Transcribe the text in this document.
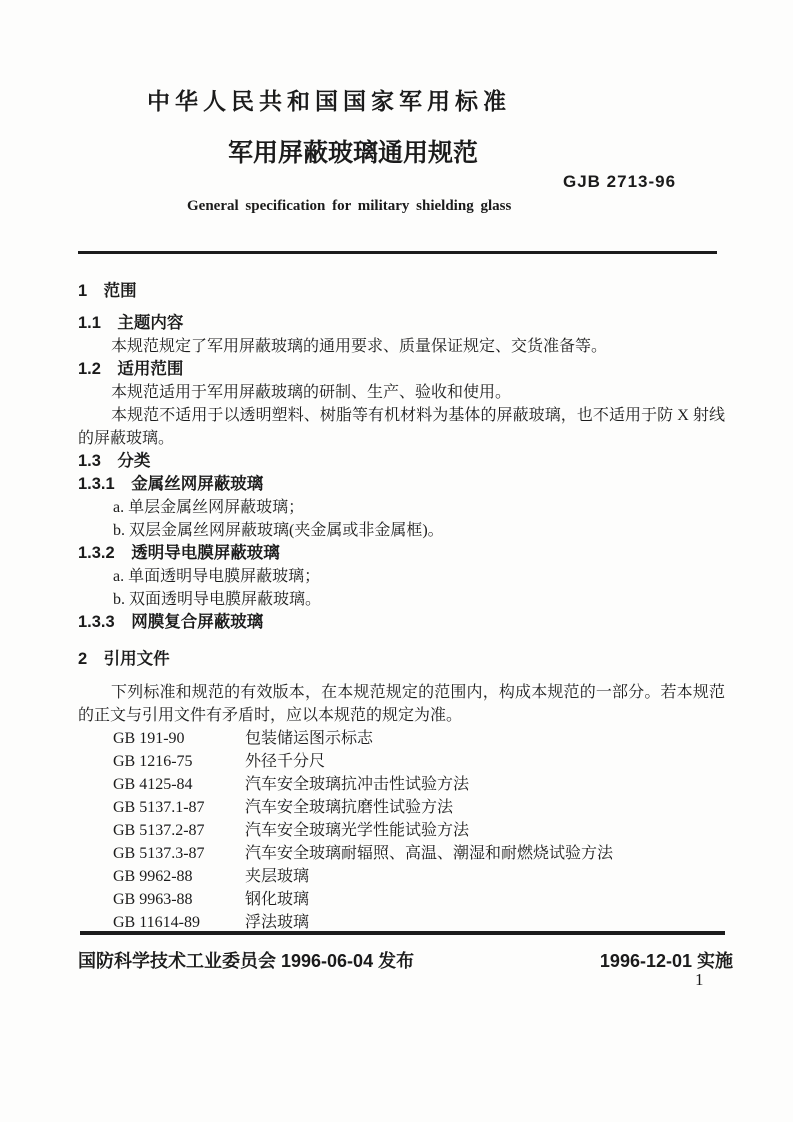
中华人民共和国国家军用标准
军用屏蔽玻璃通用规范
GJB 2713-96
General specification for military shielding glass
1　范围
1.1　主题内容
本规范规定了军用屏蔽玻璃的通用要求、质量保证规定、交货准备等。
1.2　适用范围
本规范适用于军用屏蔽玻璃的研制、生产、验收和使用。
本规范不适用于以透明塑料、树脂等有机材料为基体的屏蔽玻璃，也不适用于防 X 射线的屏蔽玻璃。
1.3　分类
1.3.1　金属丝网屏蔽玻璃
a. 单层金属丝网屏蔽玻璃；
b. 双层金属丝网屏蔽玻璃(夹金属或非金属框)。
1.3.2　透明导电膜屏蔽玻璃
a. 单面透明导电膜屏蔽玻璃；
b. 双面透明导电膜屏蔽玻璃。
1.3.3　网膜复合屏蔽玻璃
2　引用文件
下列标准和规范的有效版本，在本规范规定的范围内，构成本规范的一部分。若本规范的正文与引用文件有矛盾时，应以本规范的规定为准。
GB 191-90	包装储运图示标志
GB 1216-75	外径千分尺
GB 4125-84	汽车安全玻璃抗冲击性试验方法
GB 5137.1-87	汽车安全玻璃抗磨性试验方法
GB 5137.2-87	汽车安全玻璃光学性能试验方法
GB 5137.3-87	汽车安全玻璃耐辐照、高温、潮湿和耐燃烧试验方法
GB 9962-88	夹层玻璃
GB 9963-88	钢化玻璃
GB 11614-89	浮法玻璃
国防科学技术工业委员会 1996-06-04 发布	1996-12-01 实施
1
